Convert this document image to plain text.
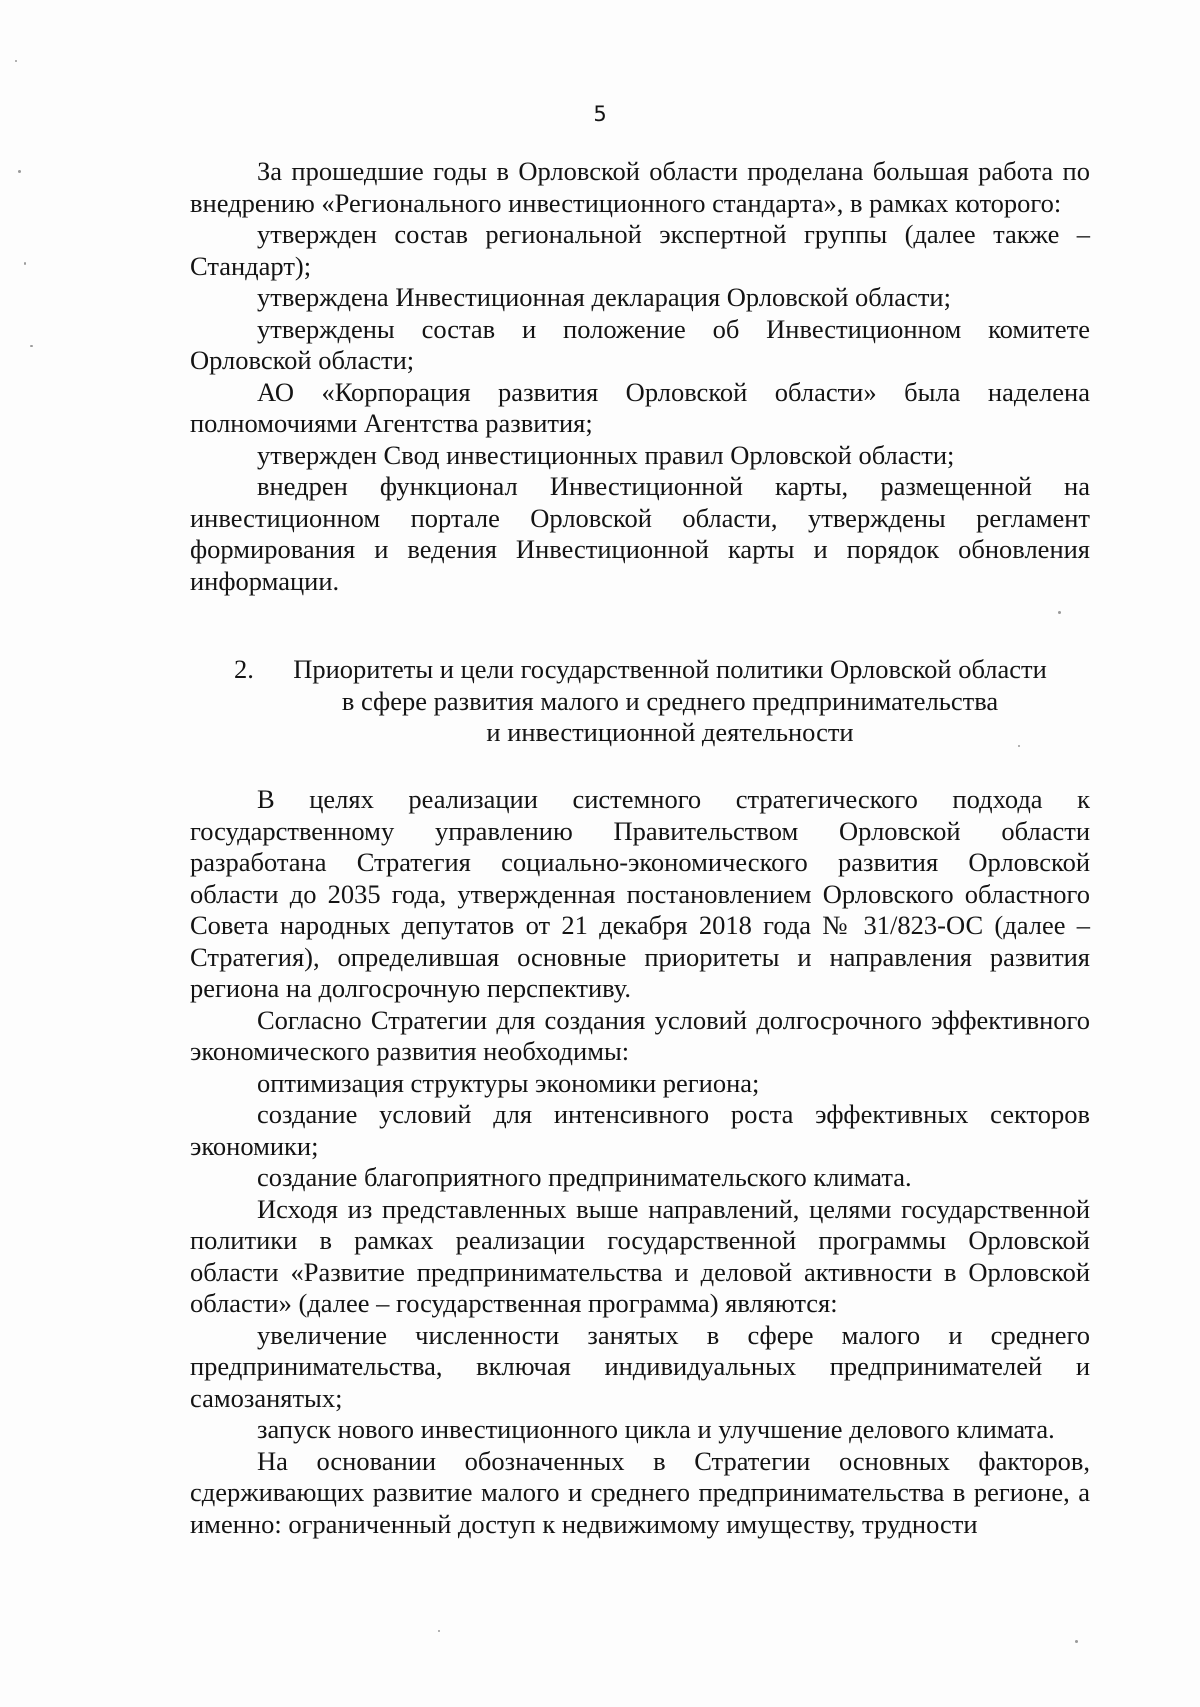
5

За прошедшие годы в Орловской области проделана большая работа по внедрению «Регионального инвестиционного стандарта», в рамках которого:

утвержден состав региональной экспертной группы (далее также – Стандарт);

утверждена Инвестиционная декларация Орловской области;

утверждены состав и положение об Инвестиционном комитете Орловской области;

АО «Корпорация развития Орловской области» была наделена полномочиями Агентства развития;

утвержден Свод инвестиционных правил Орловской области;

внедрен функционал Инвестиционной карты, размещенной на инвестиционном портале Орловской области, утверждены регламент формирования и ведения Инвестиционной карты и порядок обновления информации.

2.	Приоритеты и цели государственной политики Орловской области
в сфере развития малого и среднего предпринимательства
и инвестиционной деятельности

В целях реализации системного стратегического подхода к государственному управлению Правительством Орловской области разработана Стратегия социально-экономического развития Орловской области до 2035 года, утвержденная постановлением Орловского областного Совета народных депутатов от 21 декабря 2018 года № 31/823-ОС (далее – Стратегия), определившая основные приоритеты и направления развития региона на долгосрочную перспективу.

Согласно Стратегии для создания условий долгосрочного эффективного экономического развития необходимы:

оптимизация структуры экономики региона;

создание условий для интенсивного роста эффективных секторов экономики;

создание благоприятного предпринимательского климата.

Исходя из представленных выше направлений, целями государственной политики в рамках реализации государственной программы Орловской области «Развитие предпринимательства и деловой активности в Орловской области» (далее – государственная программа) являются:

увеличение численности занятых в сфере малого и среднего предпринимательства, включая индивидуальных предпринимателей и самозанятых;

запуск нового инвестиционного цикла и улучшение делового климата.

На основании обозначенных в Стратегии основных факторов, сдерживающих развитие малого и среднего предпринимательства в регионе, а именно: ограниченный доступ к недвижимому имуществу, трудности
